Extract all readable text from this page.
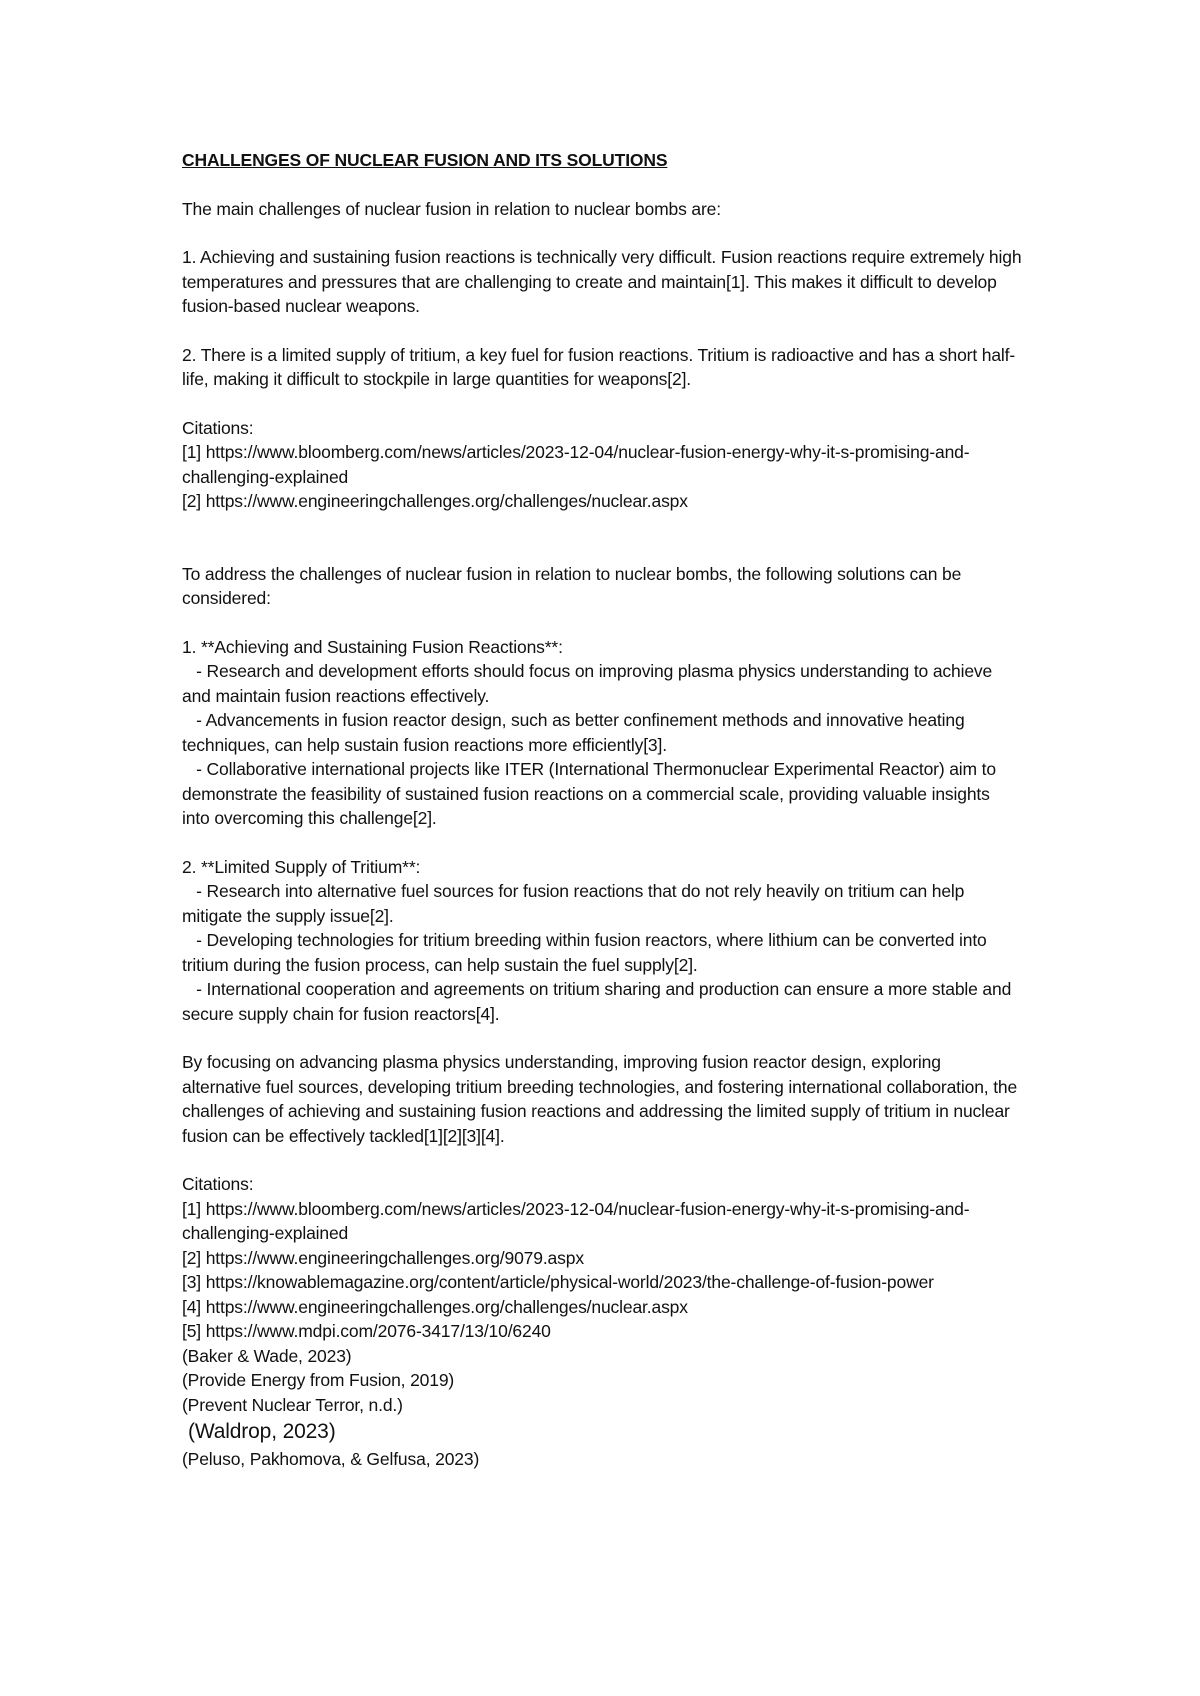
CHALLENGES OF NUCLEAR FUSION AND ITS SOLUTIONS

The main challenges of nuclear fusion in relation to nuclear bombs are:

1. Achieving and sustaining fusion reactions is technically very difficult. Fusion reactions require extremely high temperatures and pressures that are challenging to create and maintain[1]. This makes it difficult to develop fusion-based nuclear weapons.

2. There is a limited supply of tritium, a key fuel for fusion reactions. Tritium is radioactive and has a short half-life, making it difficult to stockpile in large quantities for weapons[2].

Citations:
[1] https://www.bloomberg.com/news/articles/2023-12-04/nuclear-fusion-energy-why-it-s-promising-and-challenging-explained
[2] https://www.engineeringchallenges.org/challenges/nuclear.aspx

To address the challenges of nuclear fusion in relation to nuclear bombs, the following solutions can be considered:

1. **Achieving and Sustaining Fusion Reactions**:
- Research and development efforts should focus on improving plasma physics understanding to achieve and maintain fusion reactions effectively.
- Advancements in fusion reactor design, such as better confinement methods and innovative heating techniques, can help sustain fusion reactions more efficiently[3].
- Collaborative international projects like ITER (International Thermonuclear Experimental Reactor) aim to demonstrate the feasibility of sustained fusion reactions on a commercial scale, providing valuable insights into overcoming this challenge[2].
2. **Limited Supply of Tritium**:
- Research into alternative fuel sources for fusion reactions that do not rely heavily on tritium can help mitigate the supply issue[2].
- Developing technologies for tritium breeding within fusion reactors, where lithium can be converted into tritium during the fusion process, can help sustain the fuel supply[2].
- International cooperation and agreements on tritium sharing and production can ensure a more stable and secure supply chain for fusion reactors[4].

By focusing on advancing plasma physics understanding, improving fusion reactor design, exploring alternative fuel sources, developing tritium breeding technologies, and fostering international collaboration, the challenges of achieving and sustaining fusion reactions and addressing the limited supply of tritium in nuclear fusion can be effectively tackled[1][2][3][4].

Citations:
[1] https://www.bloomberg.com/news/articles/2023-12-04/nuclear-fusion-energy-why-it-s-promising-and-challenging-explained
[2] https://www.engineeringchallenges.org/9079.aspx
[3] https://knowablemagazine.org/content/article/physical-world/2023/the-challenge-of-fusion-power
[4] https://www.engineeringchallenges.org/challenges/nuclear.aspx
[5] https://www.mdpi.com/2076-3417/13/10/6240
(Baker & Wade, 2023)
(Provide Energy from Fusion, 2019)
(Prevent Nuclear Terror, n.d.)
(Waldrop, 2023)
(Peluso, Pakhomova, & Gelfusa, 2023)
